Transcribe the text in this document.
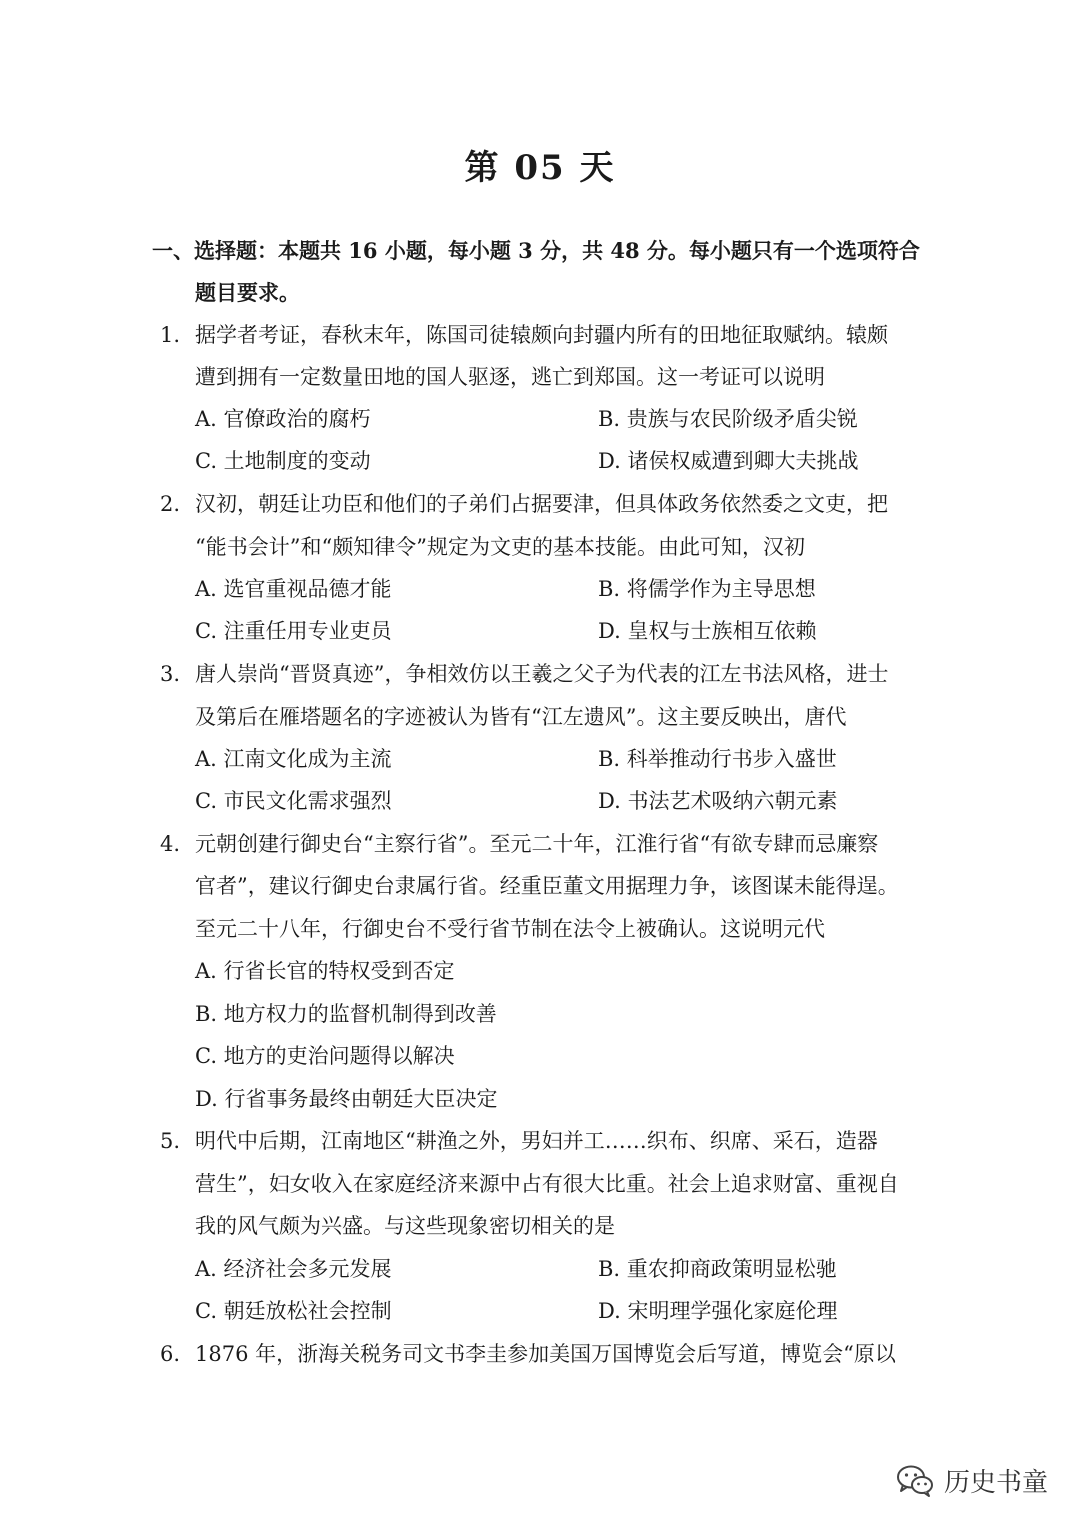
第 05 天
一、选择题：本题共 16 小题，每小题 3 分，共 48 分。每小题只有一个选项符合
题目要求。
1. 据学者考证，春秋末年，陈国司徒辕颇向封疆内所有的田地征取赋纳。辕颇
遭到拥有一定数量田地的国人驱逐，逃亡到郑国。这一考证可以说明
A. 官僚政治的腐朽	B. 贵族与农民阶级矛盾尖锐
C. 土地制度的变动	D. 诸侯权威遭到卿大夫挑战
2. 汉初，朝廷让功臣和他们的子弟们占据要津，但具体政务依然委之文吏，把
“能书会计”和“颇知律令”规定为文吏的基本技能。由此可知，汉初
A. 选官重视品德才能	B. 将儒学作为主导思想
C. 注重任用专业吏员	D. 皇权与士族相互依赖
3. 唐人崇尚“晋贤真迹”，争相效仿以王羲之父子为代表的江左书法风格，进士
及第后在雁塔题名的字迹被认为皆有“江左遗风”。这主要反映出，唐代
A. 江南文化成为主流	B. 科举推动行书步入盛世
C. 市民文化需求强烈	D. 书法艺术吸纳六朝元素
4. 元朝创建行御史台“主察行省”。至元二十年，江淮行省“有欲专肆而忌廉察
官者”，建议行御史台隶属行省。经重臣董文用据理力争，该图谋未能得逞。
至元二十八年，行御史台不受行省节制在法令上被确认。这说明元代
A. 行省长官的特权受到否定
B. 地方权力的监督机制得到改善
C. 地方的吏治问题得以解决
D. 行省事务最终由朝廷大臣决定
5. 明代中后期，江南地区“耕渔之外，男妇并工……织布、织席、采石，造器
营生”，妇女收入在家庭经济来源中占有很大比重。社会上追求财富、重视自
我的风气颇为兴盛。与这些现象密切相关的是
A. 经济社会多元发展	B. 重农抑商政策明显松驰
C. 朝廷放松社会控制	D. 宋明理学强化家庭伦理
6. 1876 年，浙海关税务司文书李圭参加美国万国博览会后写道，博览会“原以
历史书童
